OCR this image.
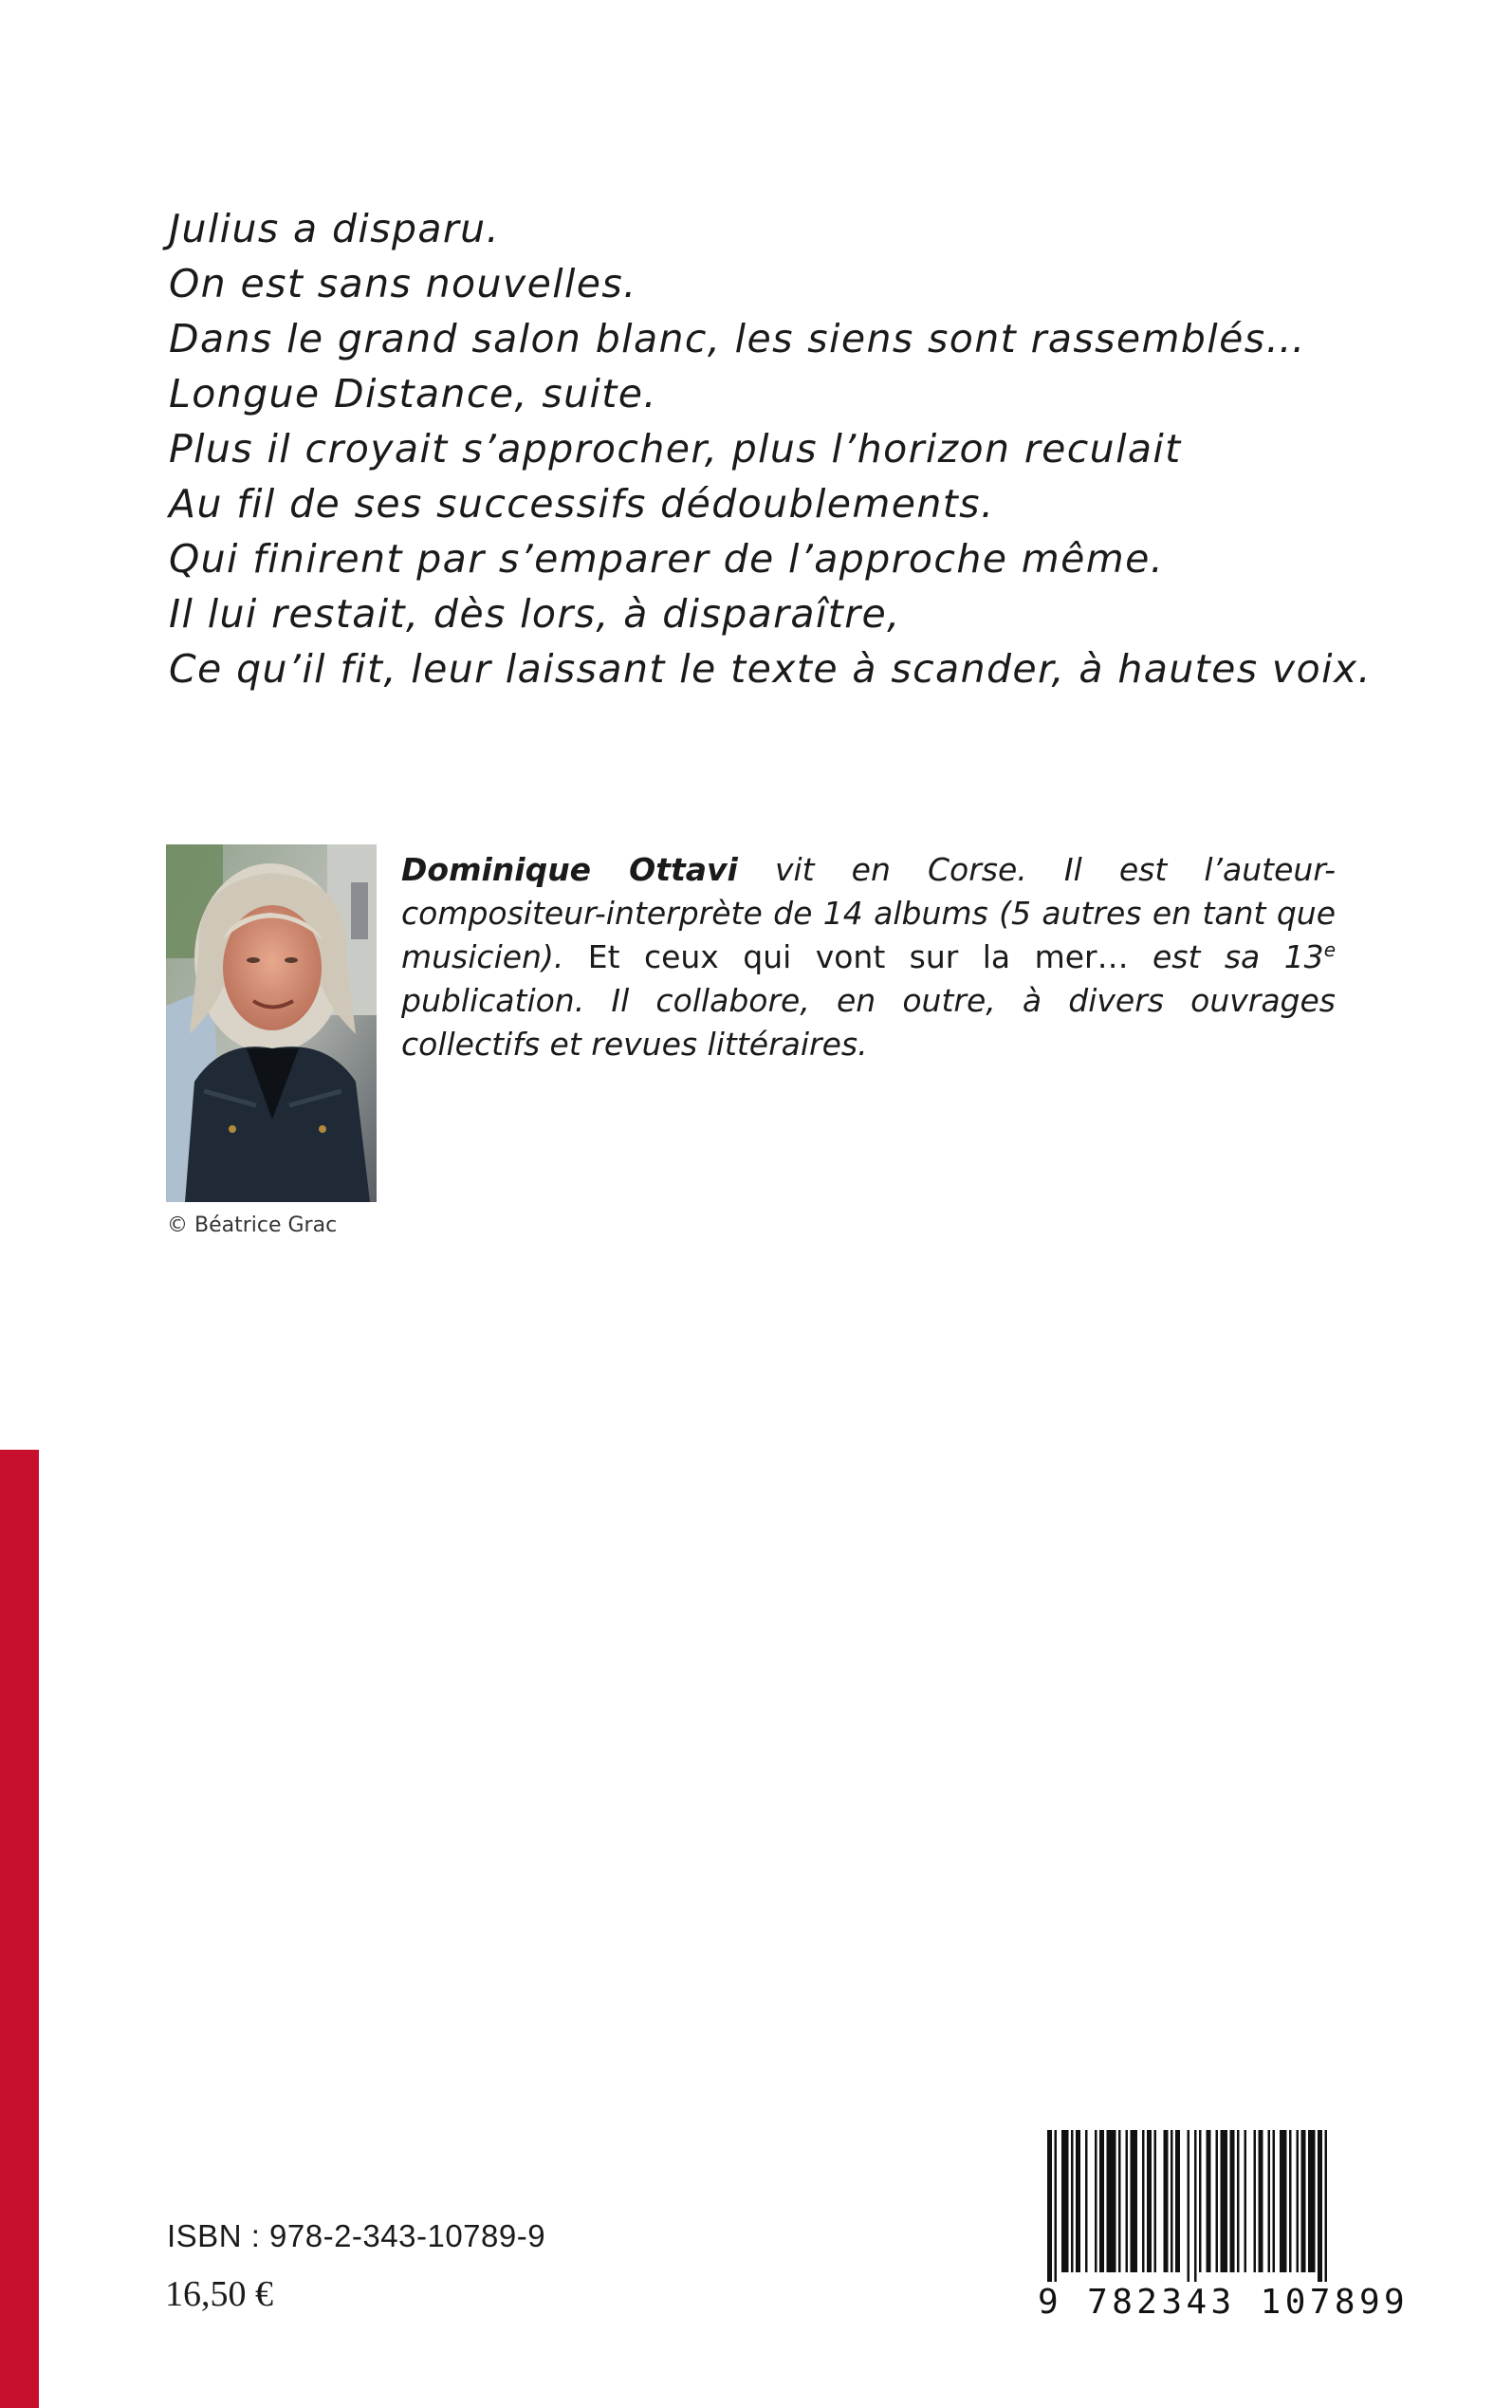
Julius a disparu.
On est sans nouvelles.
Dans le grand salon blanc, les siens sont rassemblés…
Longue Distance, suite.
Plus il croyait s’approcher, plus l’horizon reculait
Au fil de ses successifs dédoublements.
Qui finirent par s’emparer de l’approche même.
Il lui restait, dès lors, à disparaître,
Ce qu’il fit, leur laissant le texte à scander, à hautes voix.
© Béatrice Grac
Dominique Ottavi vit en Corse. Il est l’auteur-compositeur-interprète de 14 albums (5 autres en tant que musicien). Et ceux qui vont sur la mer… est sa 13e publication. Il collabore, en outre, à divers ouvrages collectifs et revues littéraires.
ISBN : 978-2-343-10789-9
16,50 €	9 782343 107899
